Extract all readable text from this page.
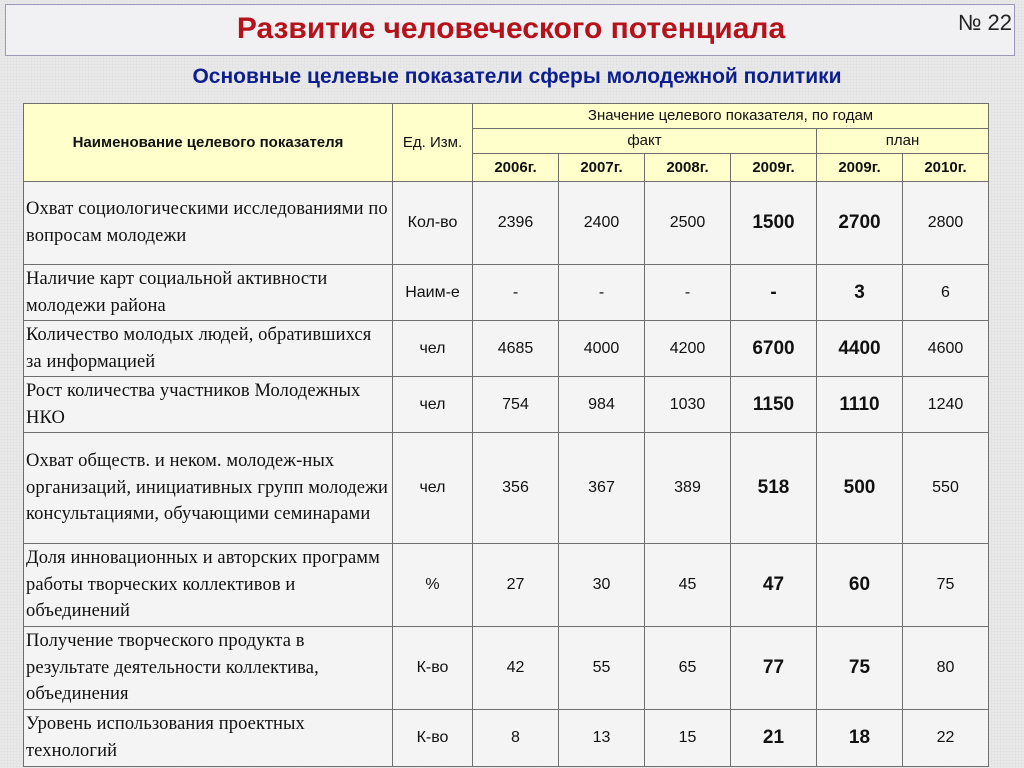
Развитие человеческого потенциала	№ 22
Основные целевые показатели сферы молодежной политики
Наименование целевого показателя	Ед. Изм.	Значение целевого показателя, по годам					
		факт				план	
		2006г.	2007г.	2008г.	2009г.	2009г.	2010г.
Охват социологическими исследованиями по вопросам молодежи	Кол-во	2396	2400	2500	1500	2700	2800
Наличие карт социальной активности молодежи района	Наим-е	-	-	-	-	3	6
Количество молодых людей, обратившихся за информацией	чел	4685	4000	4200	6700	4400	4600
Рост количества участников Молодежных НКО	чел	754	984	1030	1150	1110	1240
Охват обществ. и неком. молодеж-ных организаций, инициативных групп молодежи консультациями, обучающими семинарами	чел	356	367	389	518	500	550
Доля инновационных и авторских программ работы творческих коллективов и объединений	%	27	30	45	47	60	75
Получение творческого продукта в результате деятельности коллектива, объединения	К-во	42	55	65	77	75	80
Уровень использования проектных технологий	К-во	8	13	15	21	18	22
